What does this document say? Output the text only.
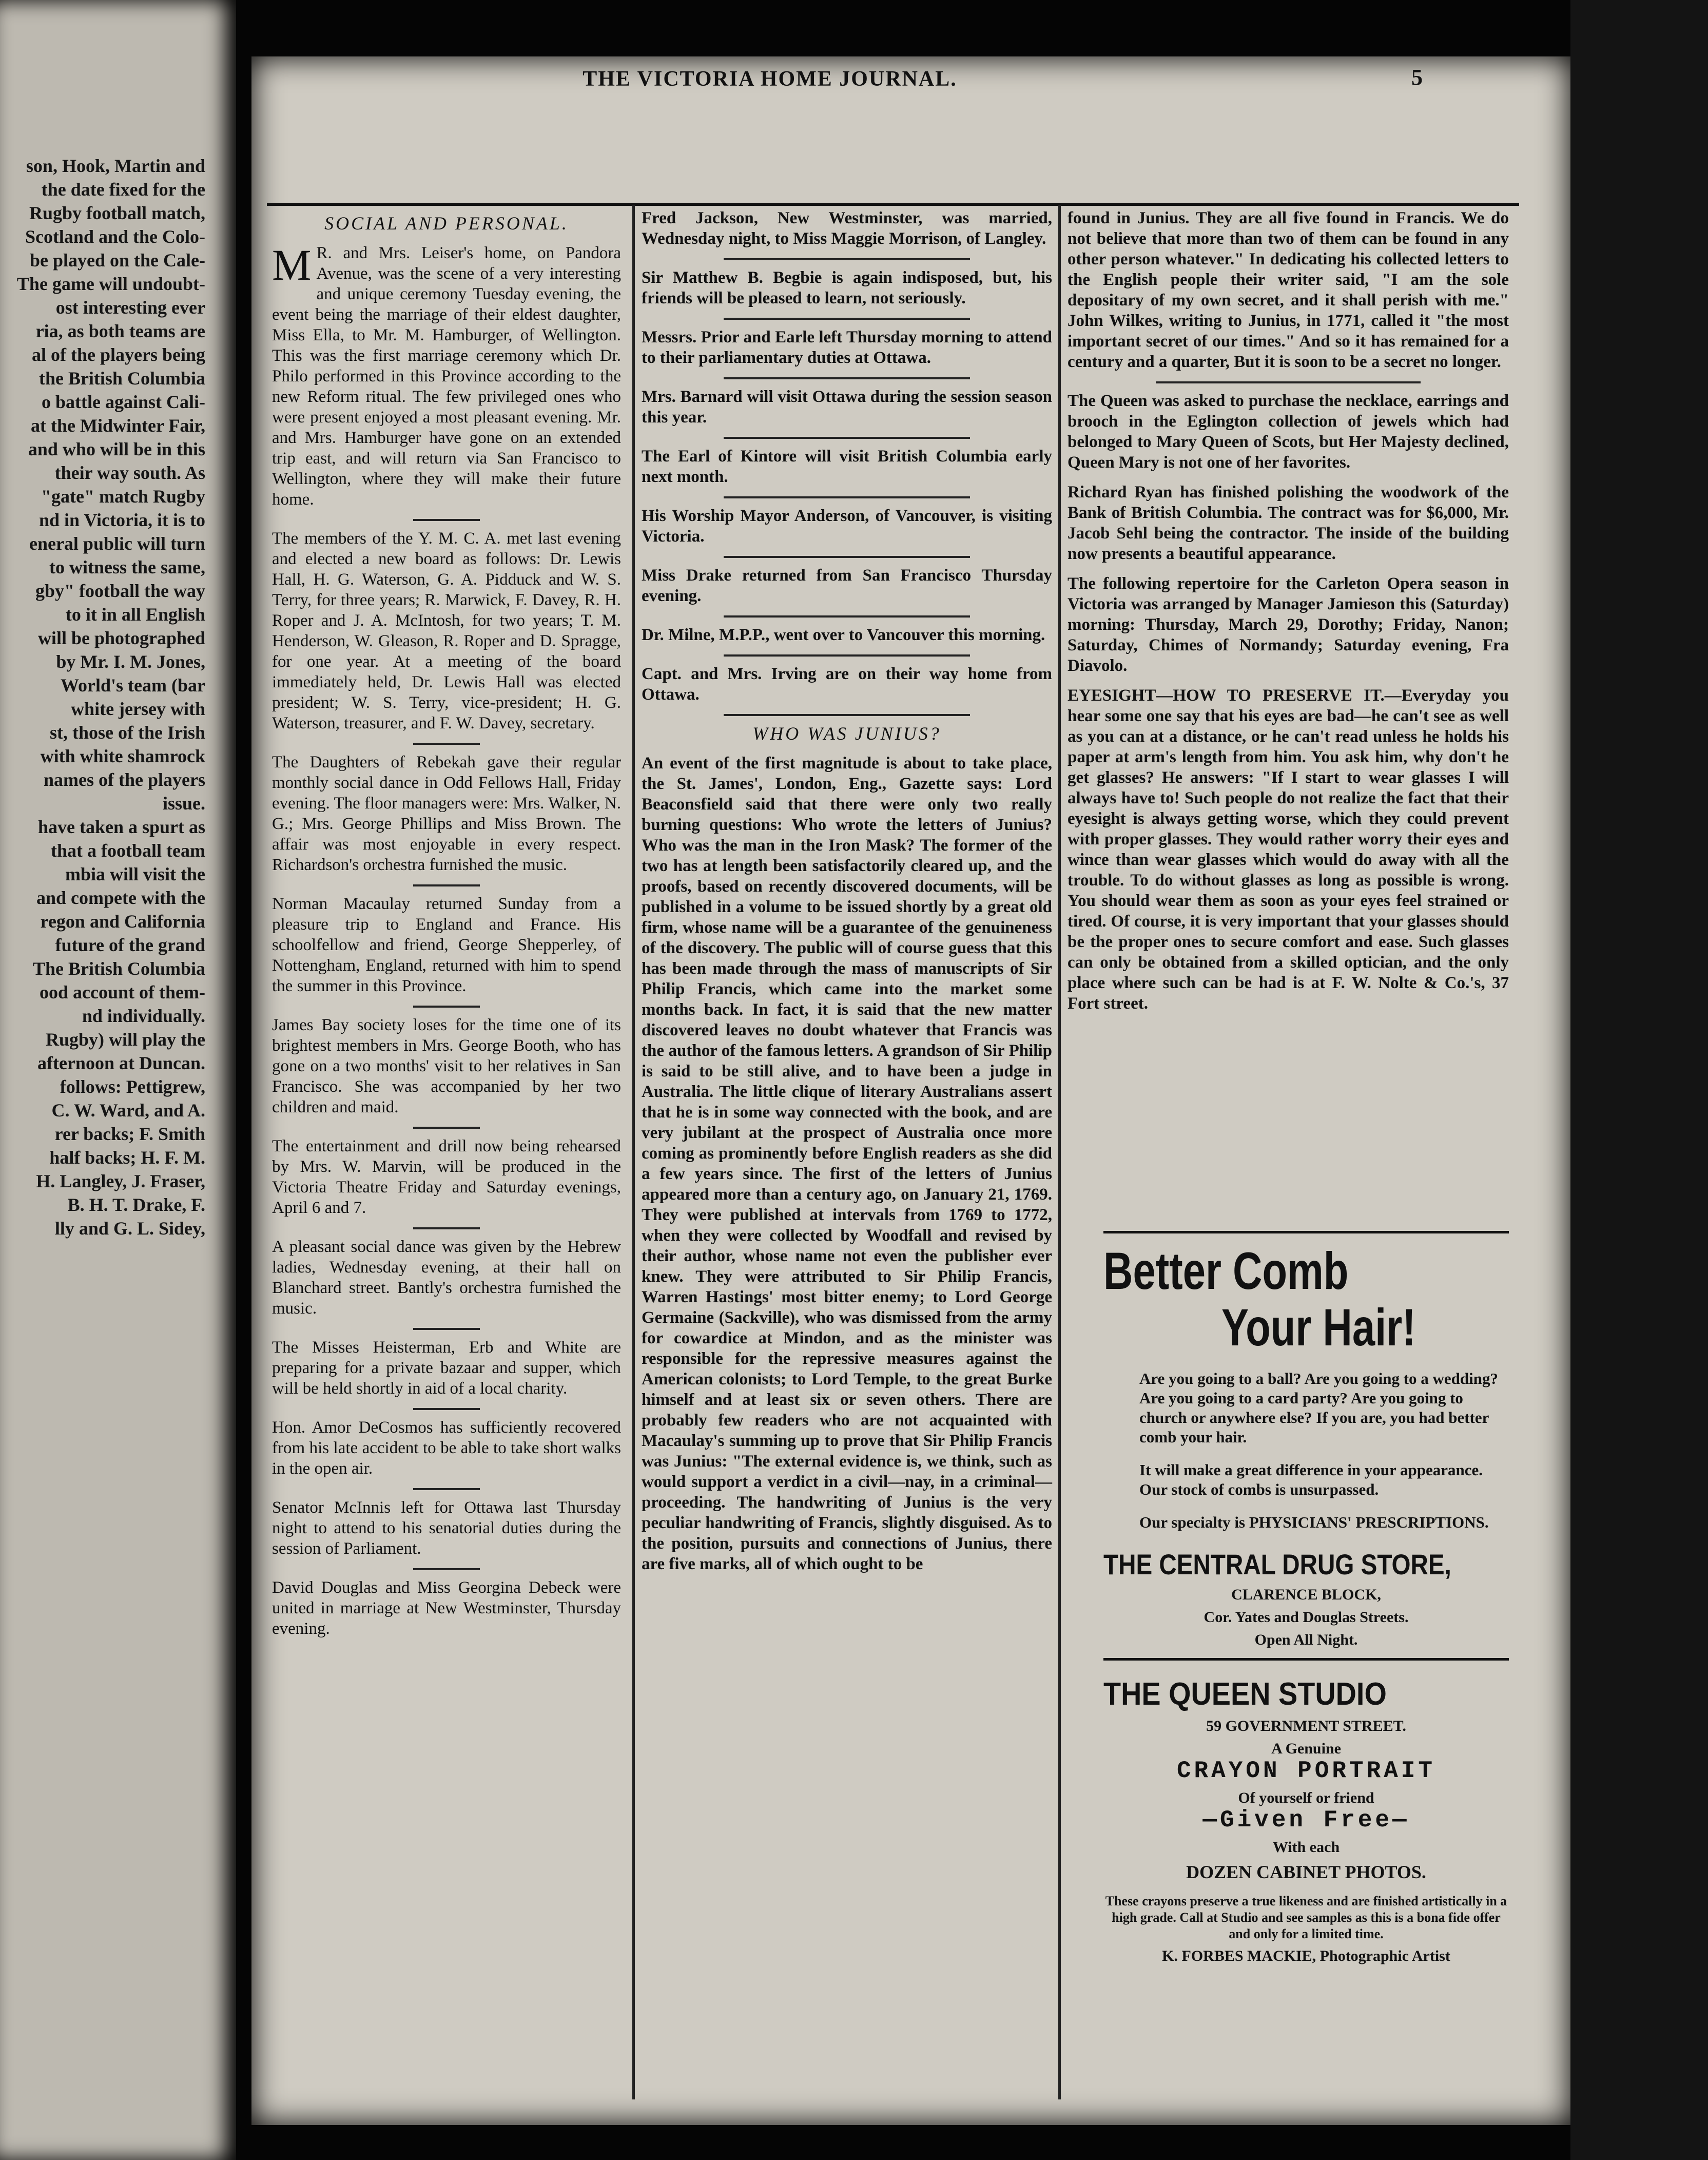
son, Hook, Martin and
the date fixed for the
Rugby football match,
Scotland and the Colo-
be played on the Cale-
The game will undoubt-
ost interesting ever
ria, as both teams are
al of the players being
the British Columbia
o battle against Cali-
at the Midwinter Fair,
and who will be in this
their way south. As
"gate" match Rugby
nd in Victoria, it is to
eneral public will turn
to witness the same,
gby" football the way
to it in all English
will be photographed
by Mr. I. M. Jones,
World's team (bar
white jersey with
st, those of the Irish
with white shamrock
names of the players
issue.
have taken a spurt as
that a football team
mbia will visit the
and compete with the
regon and California
future of the grand
The British Columbia
ood account of them-
nd individually.
Rugby) will play the
afternoon at Duncan.
follows: Pettigrew,
C. W. Ward, and A.
rer backs; F. Smith
half backs; H. F. M.
H. Langley, J. Fraser,
B. H. T. Drake, F.
lly and G. L. Sidey,
THE VICTORIA HOME JOURNAL.	5
SOCIAL AND PERSONAL.

M R. and Mrs. Leiser's home, on Pandora Avenue, was the scene of a very interesting and unique ceremony Tuesday evening, the event being the marriage of their eldest daughter, Miss Ella, to Mr. M. Hamburger, of Wellington. This was the first marriage ceremony which Dr. Philo performed in this Province according to the new Reform ritual. The few privileged ones who were present enjoyed a most pleasant evening. Mr. and Mrs. Hamburger have gone on an extended trip east, and will return via San Francisco to Wellington, where they will make their future home.

The members of the Y. M. C. A. met last evening and elected a new board as follows: Dr. Lewis Hall, H. G. Waterson, G. A. Pidduck and W. S. Terry, for three years; R. Marwick, F. Davey, R. H. Roper and J. A. McIntosh, for two years; T. M. Henderson, W. Gleason, R. Roper and D. Spragge, for one year. At a meeting of the board immediately held, Dr. Lewis Hall was elected president; W. S. Terry, vice-president; H. G. Waterson, treasurer, and F. W. Davey, secretary.

The Daughters of Rebekah gave their regular monthly social dance in Odd Fellows Hall, Friday evening. The floor managers were: Mrs. Walker, N. G.; Mrs. George Phillips and Miss Brown. The affair was most enjoyable in every respect. Richardson's orchestra furnished the music.

Norman Macaulay returned Sunday from a pleasure trip to England and France. His schoolfellow and friend, George Shepperley, of Nottengham, England, returned with him to spend the summer in this Province.

James Bay society loses for the time one of its brightest members in Mrs. George Booth, who has gone on a two months' visit to her relatives in San Francisco. She was accompanied by her two children and maid.

The entertainment and drill now being rehearsed by Mrs. W. Marvin, will be produced in the Victoria Theatre Friday and Saturday evenings, April 6 and 7.

A pleasant social dance was given by the Hebrew ladies, Wednesday evening, at their hall on Blanchard street. Bantly's orchestra furnished the music.

The Misses Heisterman, Erb and White are preparing for a private bazaar and supper, which will be held shortly in aid of a local charity.

Hon. Amor DeCosmos has sufficiently recovered from his late accident to be able to take short walks in the open air.

Senator McInnis left for Ottawa last Thursday night to attend to his senatorial duties during the session of Parliament.

David Douglas and Miss Georgina Debeck were united in marriage at New Westminster, Thursday evening.

Fred Jackson, New Westminster, was married, Wednesday night, to Miss Maggie Morrison, of Langley.

Sir Matthew B. Begbie is again indisposed, but, his friends will be pleased to learn, not seriously.

Messrs. Prior and Earle left Thursday morning to attend to their parliamentary duties at Ottawa.

Mrs. Barnard will visit Ottawa during the session season this year.

The Earl of Kintore will visit British Columbia early next month.

His Worship Mayor Anderson, of Vancouver, is visiting Victoria.

Miss Drake returned from San Francisco Thursday evening.

Dr. Milne, M.P.P., went over to Vancouver this morning.

Capt. and Mrs. Irving are on their way home from Ottawa.

WHO WAS JUNIUS?

An event of the first magnitude is about to take place, the St. James', London, Eng., Gazette says: Lord Beaconsfield said that there were only two really burning questions: Who wrote the letters of Junius? Who was the man in the Iron Mask? The former of the two has at length been satisfactorily cleared up, and the proofs, based on recently discovered documents, will be published in a volume to be issued shortly by a great old firm, whose name will be a guarantee of the genuineness of the discovery. The public will of course guess that this has been made through the mass of manuscripts of Sir Philip Francis, which came into the market some months back. In fact, it is said that the new matter discovered leaves no doubt whatever that Francis was the author of the famous letters. A grandson of Sir Philip is said to be still alive, and to have been a judge in Australia. The little clique of literary Australians assert that he is in some way connected with the book, and are very jubilant at the prospect of Australia once more coming as prominently before English readers as she did a few years since. The first of the letters of Junius appeared more than a century ago, on January 21, 1769. They were published at intervals from 1769 to 1772, when they were collected by Woodfall and revised by their author, whose name not even the publisher ever knew. They were attributed to Sir Philip Francis, Warren Hastings' most bitter enemy; to Lord George Germaine (Sackville), who was dismissed from the army for cowardice at Mindon, and as the minister was responsible for the repressive measures against the American colonists; to Lord Temple, to the great Burke himself and at least six or seven others. There are probably few readers who are not acquainted with Macaulay's summing up to prove that Sir Philip Francis was Junius: "The external evidence is, we think, such as would support a verdict in a civil—nay, in a criminal—proceeding. The handwriting of Junius is the very peculiar handwriting of Francis, slightly disguised. As to the position, pursuits and connections of Junius, there are five marks, all of which ought to be

found in Junius. They are all five found in Francis. We do not believe that more than two of them can be found in any other person whatever." In dedicating his collected letters to the English people their writer said, "I am the sole depositary of my own secret, and it shall perish with me." John Wilkes, writing to Junius, in 1771, called it "the most important secret of our times." And so it has remained for a century and a quarter, But it is soon to be a secret no longer.

The Queen was asked to purchase the necklace, earrings and brooch in the Eglington collection of jewels which had belonged to Mary Queen of Scots, but Her Majesty declined, Queen Mary is not one of her favorites.

Richard Ryan has finished polishing the woodwork of the Bank of British Columbia. The contract was for $6,000, Mr. Jacob Sehl being the contractor. The inside of the building now presents a beautiful appearance.

The following repertoire for the Carleton Opera season in Victoria was arranged by Manager Jamieson this (Saturday) morning: Thursday, March 29, Dorothy; Friday, Nanon; Saturday, Chimes of Normandy; Saturday evening, Fra Diavolo.

EYESIGHT—HOW TO PRESERVE IT.—Everyday you hear some one say that his eyes are bad—he can't see as well as you can at a distance, or he can't read unless he holds his paper at arm's length from him. You ask him, why don't he get glasses? He answers: "If I start to wear glasses I will always have to! Such people do not realize the fact that their eyesight is always getting worse, which they could prevent with proper glasses. They would rather worry their eyes and wince than wear glasses which would do away with all the trouble. To do without glasses as long as possible is wrong. You should wear them as soon as your eyes feel strained or tired. Of course, it is very important that your glasses should be the proper ones to secure comfort and ease. Such glasses can only be obtained from a skilled optician, and the only place where such can be had is at F. W. Nolte & Co.'s, 37 Fort street.

Better Comb
Your Hair!

Are you going to a ball? Are you going to a wedding? Are you going to a card party? Are you going to church or anywhere else? If you are, you had better comb your hair.

It will make a great difference in your appearance. Our stock of combs is unsurpassed.

Our specialty is PHYSICIANS' PRESCRIPTIONS.

THE CENTRAL DRUG STORE,
CLARENCE BLOCK,
Cor. Yates and Douglas Streets.
Open All Night.
THE QUEEN STUDIO
59 GOVERNMENT STREET.
A Genuine
CRAYON PORTRAIT
Of yourself or friend
—Given Free—
With each
DOZEN CABINET PHOTOS.
These crayons preserve a true likeness and are finished artistically in a high grade. Call at Studio and see samples as this is a bona fide offer and only for a limited time.
K. FORBES MACKIE, Photographic Artist
